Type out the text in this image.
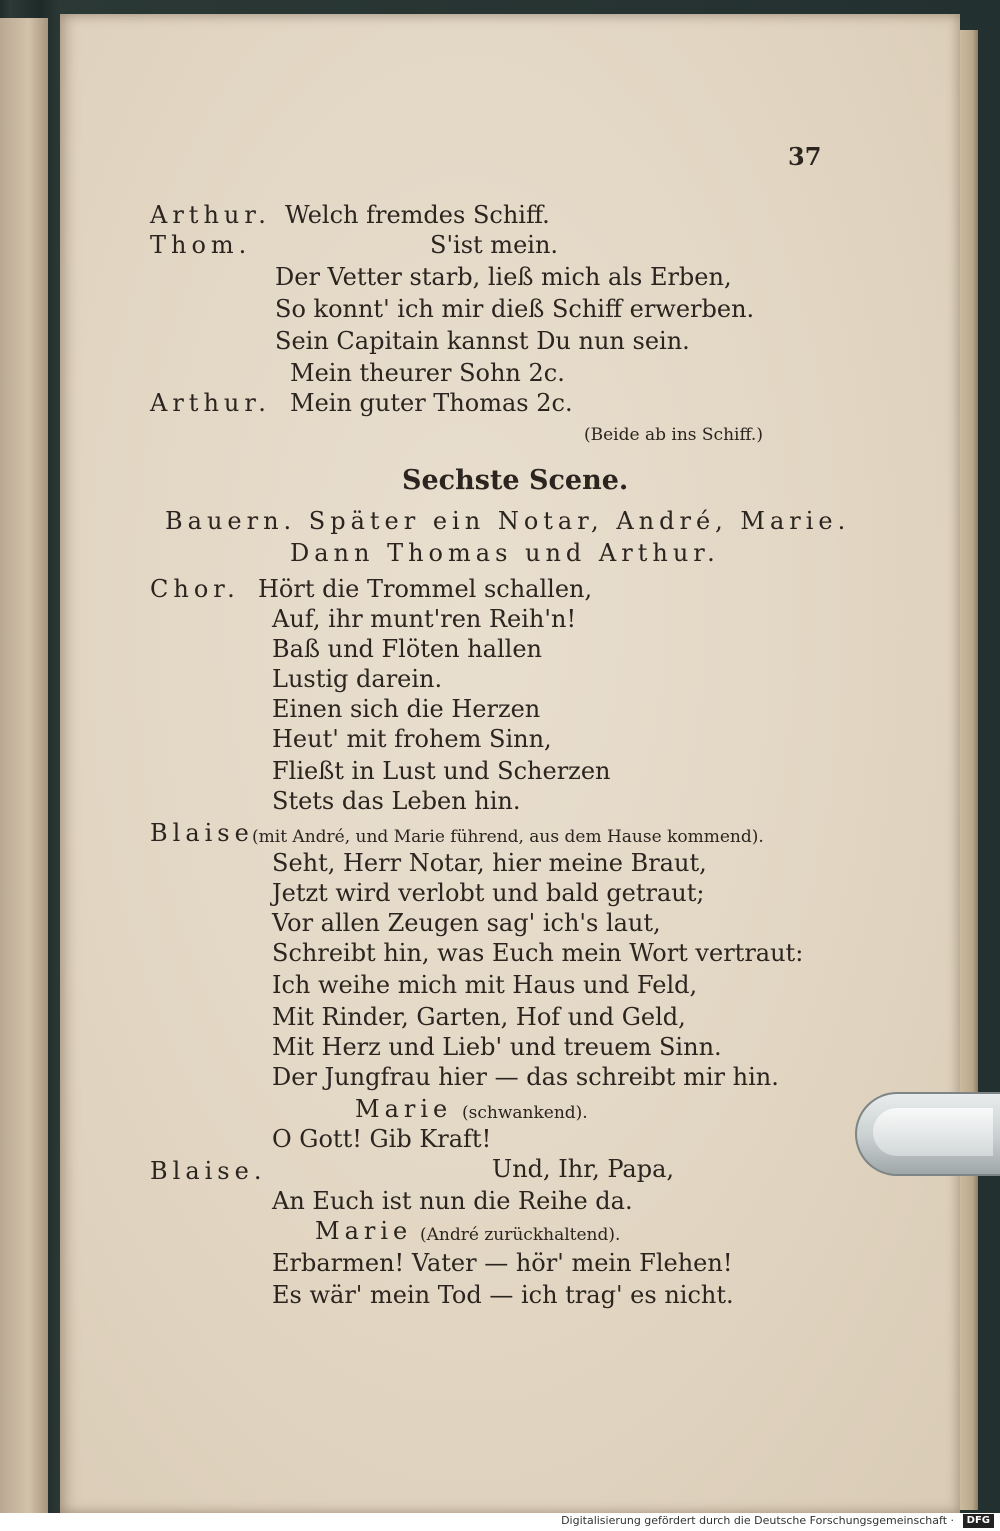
37
Arthur. Welch fremdes Schiff.
Thom.	S'ist mein.
Der Vetter starb, ließ mich als Erben,
So konnt' ich mir dieß Schiff erwerben.
Sein Capitain kannst Du nun sein.
Mein theurer Sohn 2c.
Arthur. Mein guter Thomas 2c.
(Beide ab ins Schiff.)
Sechste Scene.
Bauern. Später ein Notar, André, Marie.
Dann Thomas und Arthur.
Chor. Hört die Trommel schallen,
Auf, ihr munt'ren Reih'n!
Baß und Flöten hallen
Lustig darein.
Einen sich die Herzen
Heut' mit frohem Sinn,
Fließt in Lust und Scherzen
Stets das Leben hin.
Blaise
(mit André, und Marie führend, aus dem Hause kommend).
Seht, Herr Notar, hier meine Braut,
Jetzt wird verlobt und bald getraut;
Vor allen Zeugen sag' ich's laut,
Schreibt hin, was Euch mein Wort vertraut:
Ich weihe mich mit Haus und Feld,
Mit Rinder, Garten, Hof und Geld,
Mit Herz und Lieb' und treuem Sinn.
Der Jungfrau hier — das schreibt mir hin.
Marie (schwankend).
O Gott! Gib Kraft!
Blaise.	Und, Ihr, Papa,
An Euch ist nun die Reihe da.
Marie (André zurückhaltend).
Erbarmen! Vater — hör' mein Flehen!
Es wär' mein Tod — ich trag' es nicht.
Digitalisierung gefördert durch die Deutsche Forschungsgemeinschaft ·	DFG
